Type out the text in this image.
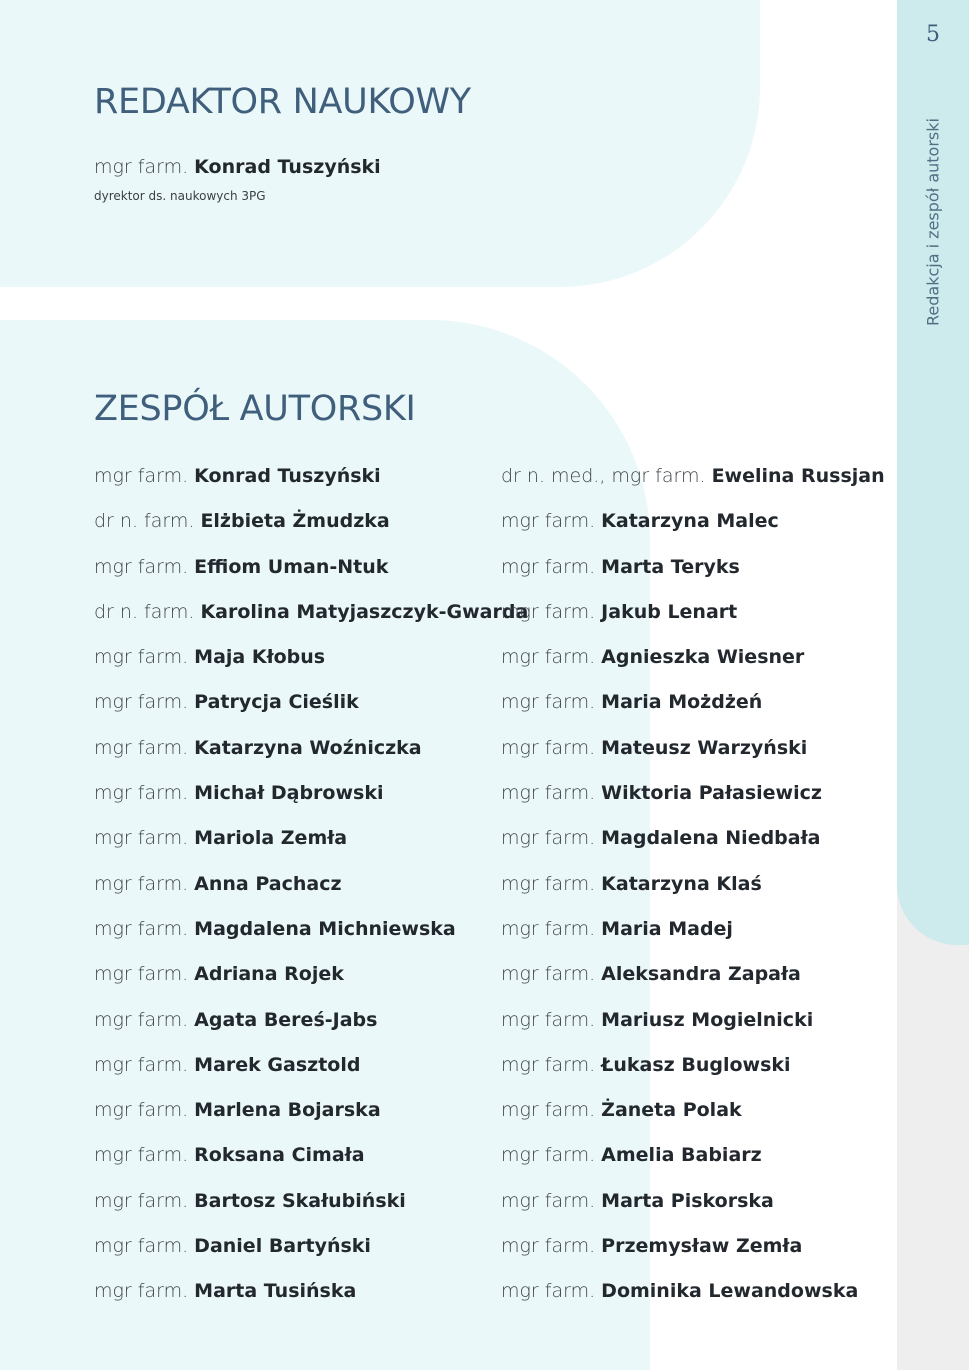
5
Redakcja i zespół autorski
REDAKTOR NAUKOWY
mgr farm. Konrad Tuszyński
dyrektor ds. naukowych 3PG
ZESPÓŁ AUTORSKI
mgr farm. Konrad Tuszyński
dr n. farm. Elżbieta Żmudzka
mgr farm. Effiom Uman-Ntuk
dr n. farm. Karolina Matyjaszczyk-Gwarda
mgr farm. Maja Kłobus
mgr farm. Patrycja Cieślik
mgr farm. Katarzyna Woźniczka
mgr farm. Michał Dąbrowski
mgr farm. Mariola Zemła
mgr farm. Anna Pachacz
mgr farm. Magdalena Michniewska
mgr farm. Adriana Rojek
mgr farm. Agata Bereś-Jabs
mgr farm. Marek Gasztold
mgr farm. Marlena Bojarska
mgr farm. Roksana Cimała
mgr farm. Bartosz Skałubiński
mgr farm. Daniel Bartyński
mgr farm. Marta Tusińska
dr n. med., mgr farm. Ewelina Russjan
mgr farm. Katarzyna Malec
mgr farm. Marta Teryks
mgr farm. Jakub Lenart
mgr farm. Agnieszka Wiesner
mgr farm. Maria Możdżeń
mgr farm. Mateusz Warzyński
mgr farm. Wiktoria Pałasiewicz
mgr farm. Magdalena Niedbała
mgr farm. Katarzyna Klaś
mgr farm. Maria Madej
mgr farm. Aleksandra Zapała
mgr farm. Mariusz Mogielnicki
mgr farm. Łukasz Buglowski
mgr farm. Żaneta Polak
mgr farm. Amelia Babiarz
mgr farm. Marta Piskorska
mgr farm. Przemysław Zemła
mgr farm. Dominika Lewandowska
